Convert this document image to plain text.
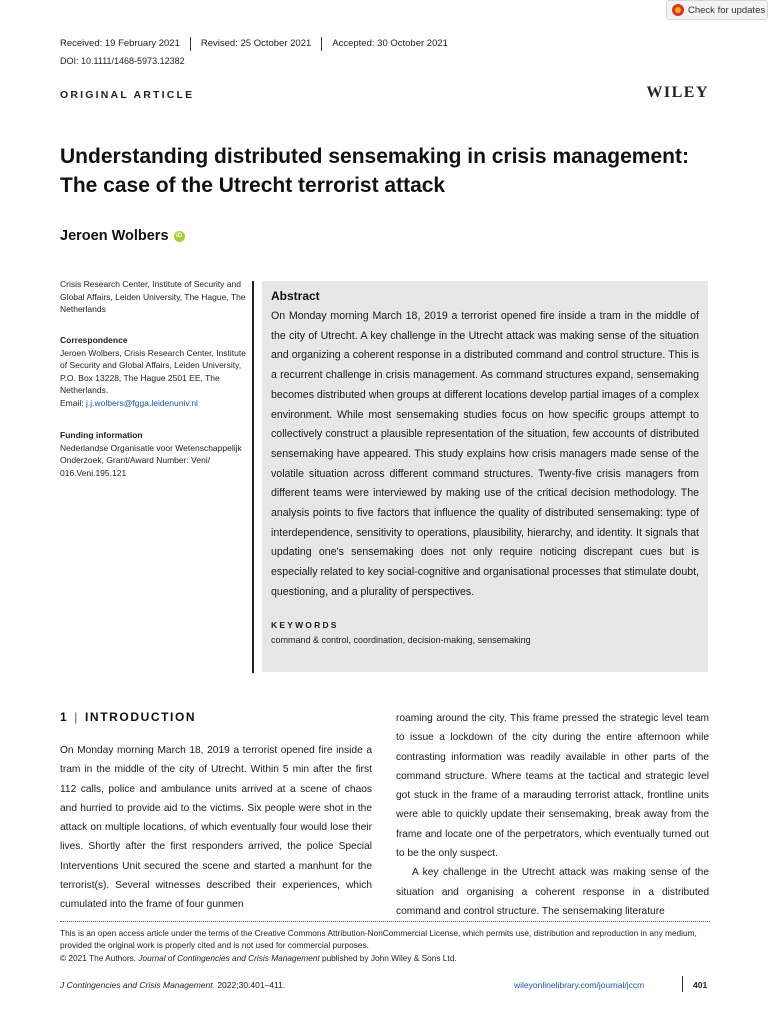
Check for updates
Received: 19 February 2021	Revised: 25 October 2021	Accepted: 30 October 2021
DOI: 10.1111/1468-5973.12382
ORIGINAL ARTICLE	WILEY
Understanding distributed sensemaking in crisis management:
The case of the Utrecht terrorist attack
Jeroen Wolbers	iD
Crisis Research Center, Institute of Security and Global Affairs, Leiden University, The Hague, The Netherlands
Correspondence
Jeroen Wolbers, Crisis Research Center, Institute of Security and Global Affairs, Leiden University, P.O. Box 13228, The Hague 2501 EE, The Netherlands.
Email: j.j.wolbers@fgga.leidenuniv.nl
Funding information
Nederlandse Organisatie voor Wetenschappelijk Onderzoek, Grant/Award Number: Veni/ 016.Veni.195.121
Abstract
On Monday morning March 18, 2019 a terrorist opened fire inside a tram in the middle of the city of Utrecht. A key challenge in the Utrecht attack was making sense of the situation and organizing a coherent response in a distributed command and control structure. This is a recurrent challenge in crisis management. As command structures expand, sensemaking becomes distributed when groups at different locations develop partial images of a complex environment. While most sensemaking studies focus on how specific groups attempt to collectively construct a plausible representation of the situation, few accounts of distributed sensemaking have appeared. This study explains how crisis managers made sense of the volatile situation across different command structures. Twenty-five crisis managers from different teams were interviewed by making use of the critical decision methodology. The analysis points to five factors that influence the quality of distributed sensemaking: type of interdependence, sensitivity to operations, plausibility, hierarchy, and identity. It signals that updating one's sensemaking does not only require noticing discrepant cues but is especially related to key social-cognitive and organisational processes that stimulate doubt, questioning, and a plurality of perspectives.
KEYWORDS
command & control, coordination, decision-making, sensemaking
1 | INTRODUCTION

On Monday morning March 18, 2019 a terrorist opened fire inside a tram in the middle of the city of Utrecht. Within 5 min after the first 112 calls, police and ambulance units arrived at a scene of chaos and hurried to provide aid to the victims. Six people were shot in the attack on multiple locations, of which eventually four would lose their lives. Shortly after the first responders arrived, the police Special Interventions Unit secured the scene and started a manhunt for the terrorist(s). Several witnesses described their experiences, which cumulated into the frame of four gunmen

roaming around the city. This frame pressed the strategic level team to issue a lockdown of the city during the entire afternoon while contrasting information was readily available in other parts of the command structure. Where teams at the tactical and strategic level got stuck in the frame of a marauding terrorist attack, frontline units were able to quickly update their sensemaking, break away from the frame and locate one of the perpetrators, which eventually turned out to be the only suspect.

A key challenge in the Utrecht attack was making sense of the situation and organising a coherent response in a distributed command and control structure. The sensemaking literature

This is an open access article under the terms of the Creative Commons Attribution-NonCommercial License, which permits use, distribution and reproduction in any medium, provided the original work is properly cited and is not used for commercial purposes.
© 2021 The Authors. Journal of Contingencies and Crisis Management published by John Wiley & Sons Ltd.
J Contingencies and Crisis Management. 2022;30:401–411.	wileyonlinelibrary.com/journal/jccm	401
